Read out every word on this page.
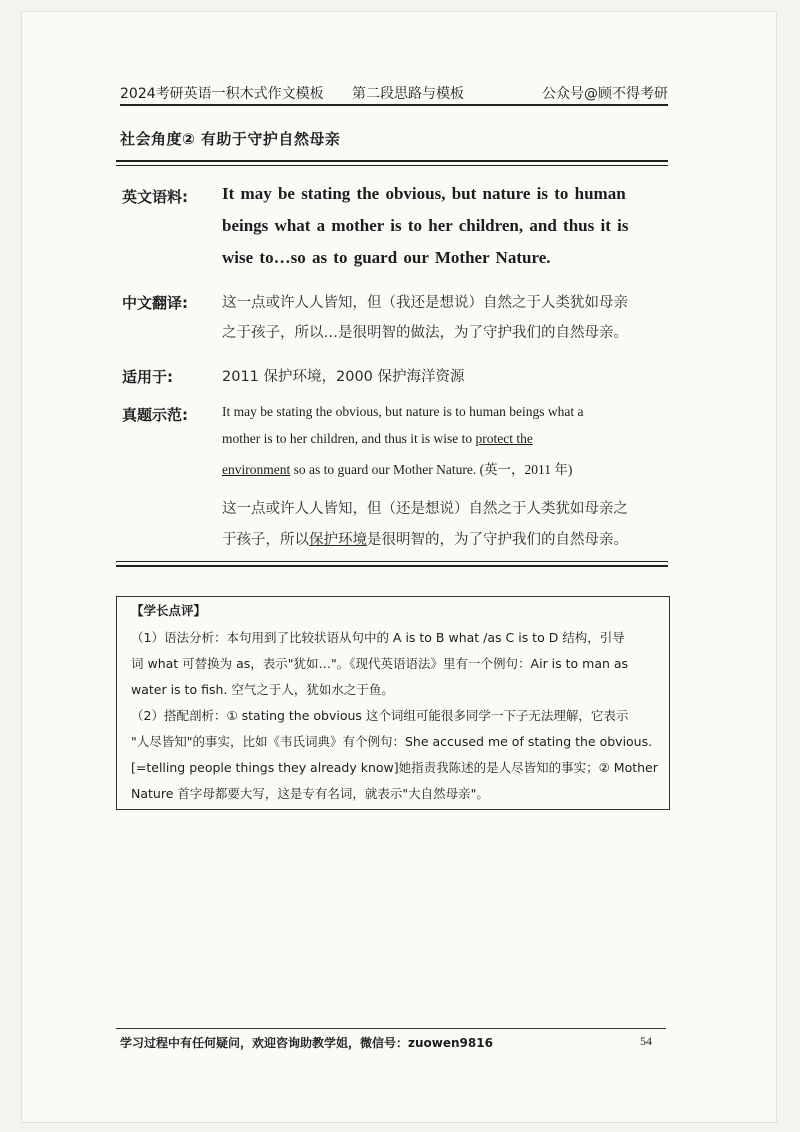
2024考研英语一积木式作文模板 第二段思路与模板	公众号@顾不得考研
社会角度② 有助于守护自然母亲
英文语料: It may be stating the obvious, but nature is to human
beings what a mother is to her children, and thus it is
wise to…so as to guard our Mother Nature.
中文翻译: 这一点或许人人皆知，但（我还是想说）自然之于人类犹如母亲
之于孩子，所以…是很明智的做法，为了守护我们的自然母亲。
适用于:	2011 保护环境，2000 保护海洋资源
真题示范:	It may be stating the obvious, but nature is to human beings what a
mother is to her children, and thus it is wise to protect the
environment so as to guard our Mother Nature. (英一，2011 年)
这一点或许人人皆知，但（还是想说）自然之于人类犹如母亲之
于孩子，所以保护环境是很明智的，为了守护我们的自然母亲。
【学长点评】
（1）语法分析：本句用到了比较状语从句中的 A is to B what /as C is to D 结构，引导
词 what 可替换为 as，表示"犹如…"。《现代英语语法》里有一个例句：Air is to man as
water is to fish. 空气之于人，犹如水之于鱼。
（2）搭配剖析：① stating the obvious 这个词组可能很多同学一下子无法理解，它表示
"人尽皆知"的事实，比如《韦氏词典》有个例句：She accused me of stating the obvious.
[=telling people things they already know]她指责我陈述的是人尽皆知的事实；② Mother
Nature 首字母都要大写，这是专有名词，就表示"大自然母亲"。
学习过程中有任何疑问，欢迎咨询助教学姐，微信号：zuowen9816	54
